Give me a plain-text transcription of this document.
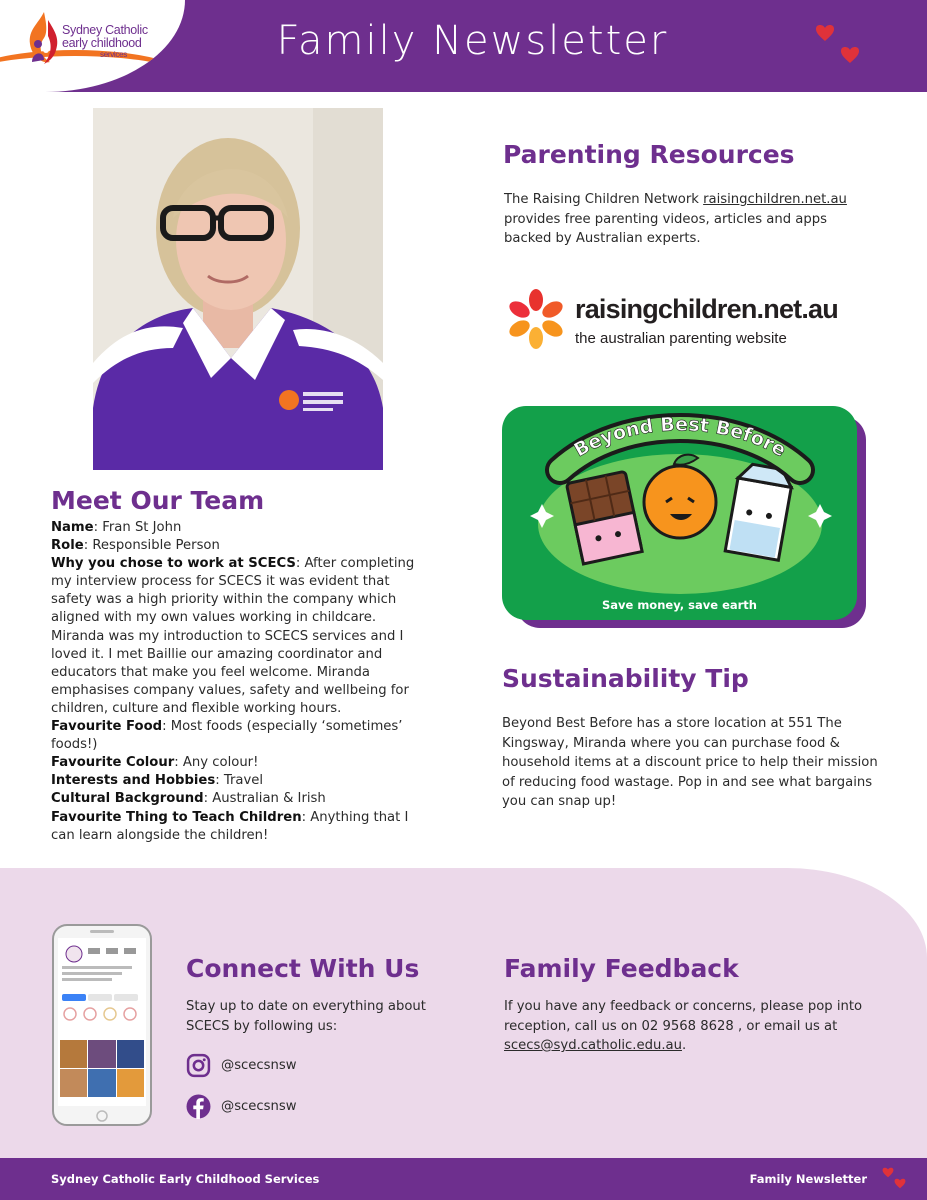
Sydney Catholic
early childhood
services	Family Newsletter
Meet Our Team
Name: Fran St John
Role: Responsible Person
Why you chose to work at SCECS: After completing my interview process for SCECS it was evident that safety was a high priority within the company which aligned with my own values working in childcare. Miranda was my introduction to SCECS services and I loved it. I met Baillie our amazing coordinator and educators that make you feel welcome. Miranda emphasises company values, safety and wellbeing for children, culture and flexible working hours.
Favourite Food: Most foods (especially ‘sometimes’ foods!)
Favourite Colour: Any colour!
Interests and Hobbies: Travel
Cultural Background: Australian & Irish
Favourite Thing to Teach Children: Anything that I can learn alongside the children!
Parenting Resources
The Raising Children Network raisingchildren.net.au provides free parenting videos, articles and apps backed by Australian experts.
raisingchildren.net.au
the australian parenting website
Beyond Best Before
Save money, save earth
Sustainability Tip
Beyond Best Before has a store location at 551 The Kingsway, Miranda where you can purchase food & household items at a discount price to help their mission of reducing food wastage. Pop in and see what bargains you can snap up!
Connect With Us
Stay up to date on everything about SCECS by following us:
@scecsnsw
@scecsnsw
Family Feedback
If you have any feedback or concerns, please pop into reception, call us on 02 9568 8628 , or email us at scecs@syd.catholic.edu.au.
Sydney Catholic Early Childhood Services	Family Newsletter
